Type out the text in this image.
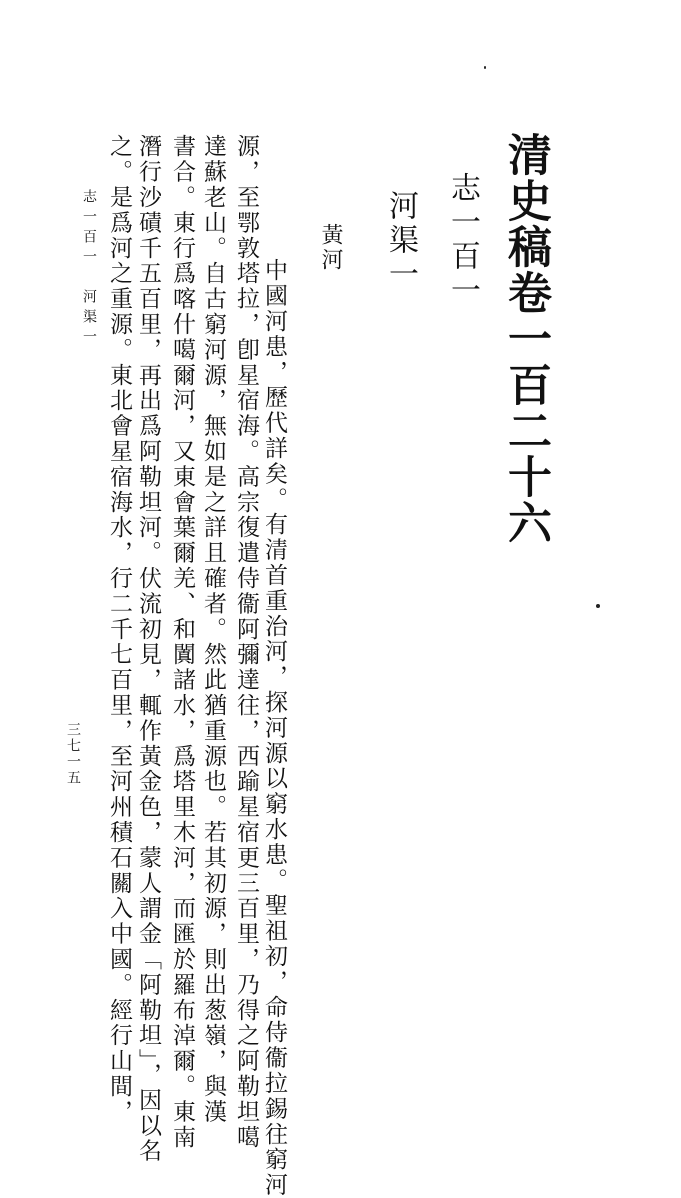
清史稿卷一百二十六
志一百一
河渠一
黃河
中國河患，歷代詳矣。有清首重治河，探河源以窮水患。聖祖初，命侍衞拉錫往窮河
源，至鄂敦塔拉，卽星宿海。高宗復遣侍衞阿彌達往，西踰星宿更三百里，乃得之阿勒坦噶
達蘇老山。自古窮河源，無如是之詳且確者。然此猶重源也。若其初源，則出葱嶺，與漢
書合。東行爲喀什噶爾河，又東會葉爾羌、和闐諸水，爲塔里木河，而匯於羅布淖爾。東南
潛行沙磧千五百里，再出爲阿勒坦河。伏流初見，輒作黃金色，蒙人謂金「阿勒坦」，因以名
之。是爲河之重源。東北會星宿海水，行二千七百里，至河州積石關入中國。經行山間，
志一百一　河渠一
三七一五
